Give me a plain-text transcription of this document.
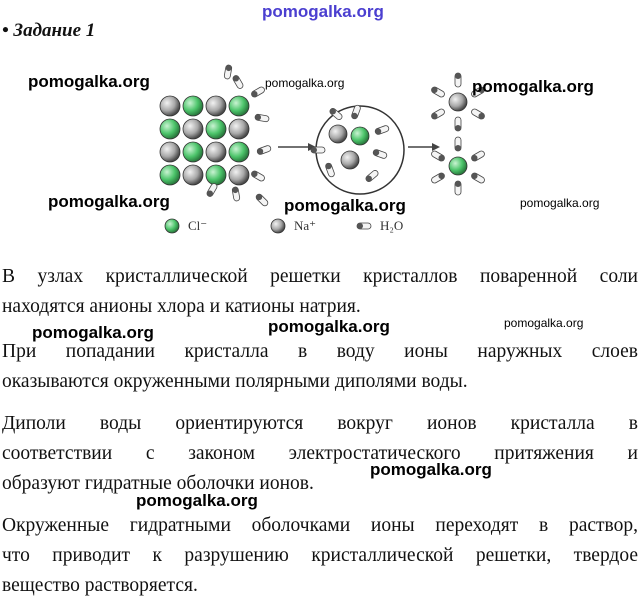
pomogalka.org
• Задание 1
Cl⁻	Na⁺	H₂O
pomogalka.org	pomogalka.org	pomogalka.org
pomogalka.org	pomogalka.org	pomogalka.org
В узлах кристаллической решетки кристаллов поваренной соли
находятся анионы хлора и катионы натрия.
pomogalka.org	pomogalka.org	pomogalka.org
При попадании кристалла в воду ионы наружных слоев
оказываются окруженными полярными диполями воды.
Диполи воды ориентируются вокруг ионов кристалла в
соответствии с законом электростатического притяжения и
образуют гидратные оболочки ионов.
pomogalka.org
pomogalka.org
Окруженные гидратными оболочками ионы переходят в раствор,
что приводит к разрушению кристаллической решетки, твердое
вещество растворяется.
